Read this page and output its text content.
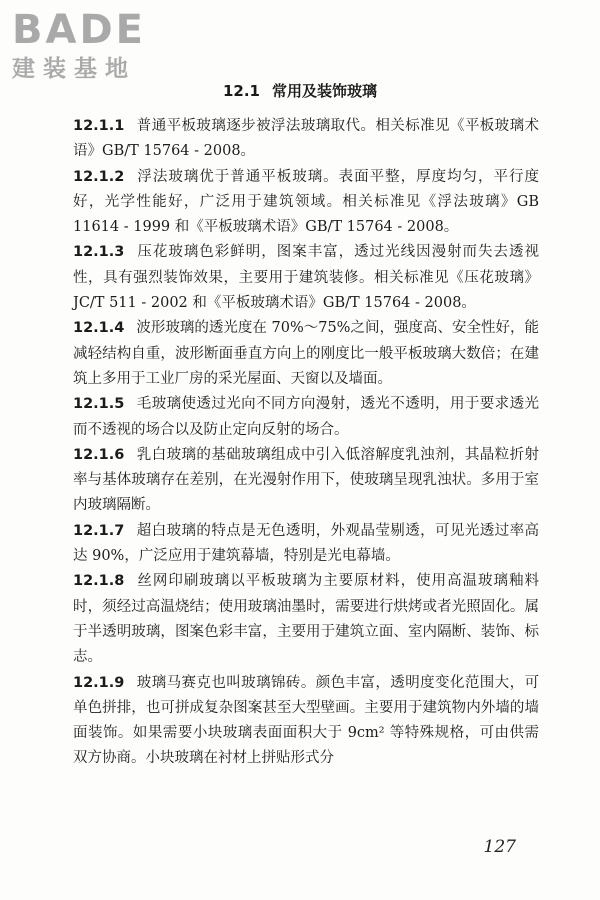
BADE
建装基地
12.1 常用及装饰玻璃

12.1.1 普通平板玻璃逐步被浮法玻璃取代。相关标准见《平板玻璃术语》GB/T 15764 - 2008。

12.1.2 浮法玻璃优于普通平板玻璃。表面平整，厚度均匀，平行度好，光学性能好，广泛用于建筑领域。相关标准见《浮法玻璃》GB 11614 - 1999 和《平板玻璃术语》GB/T 15764 - 2008。

12.1.3 压花玻璃色彩鲜明，图案丰富，透过光线因漫射而失去透视性，具有强烈装饰效果，主要用于建筑装修。相关标准见《压花玻璃》JC/T 511 - 2002 和《平板玻璃术语》GB/T 15764 - 2008。

12.1.4 波形玻璃的透光度在 70%～75%之间，强度高、安全性好，能减轻结构自重，波形断面垂直方向上的刚度比一般平板玻璃大数倍；在建筑上多用于工业厂房的采光屋面、天窗以及墙面。

12.1.5 毛玻璃使透过光向不同方向漫射，透光不透明，用于要求透光而不透视的场合以及防止定向反射的场合。

12.1.6 乳白玻璃的基础玻璃组成中引入低溶解度乳浊剂，其晶粒折射率与基体玻璃存在差别，在光漫射作用下，使玻璃呈现乳浊状。多用于室内玻璃隔断。

12.1.7 超白玻璃的特点是无色透明，外观晶莹剔透，可见光透过率高达 90%，广泛应用于建筑幕墙，特别是光电幕墙。

12.1.8 丝网印刷玻璃以平板玻璃为主要原材料，使用高温玻璃釉料时，须经过高温烧结；使用玻璃油墨时，需要进行烘烤或者光照固化。属于半透明玻璃，图案色彩丰富，主要用于建筑立面、室内隔断、装饰、标志。

12.1.9 玻璃马赛克也叫玻璃锦砖。颜色丰富，透明度变化范围大，可单色拼排，也可拼成复杂图案甚至大型壁画。主要用于建筑物内外墙的墙面装饰。如果需要小块玻璃表面面积大于 9cm² 等特殊规格，可由供需双方协商。小块玻璃在衬材上拼贴形式分

127
